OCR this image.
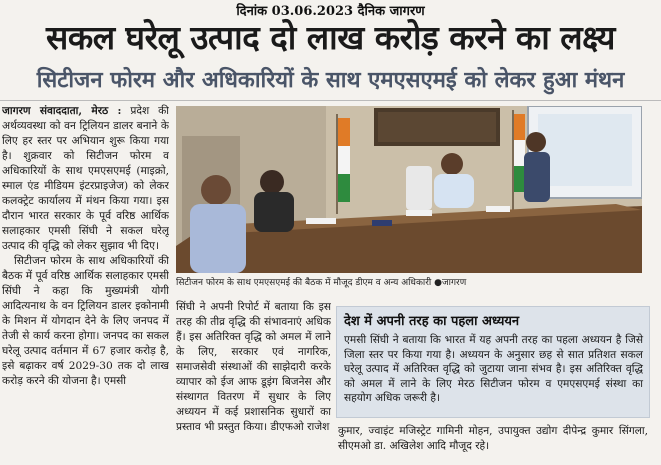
दिनांक 03.06.2023 दैनिक जागरण
सकल घरेलू उत्पाद दो लाख करोड़ करने का लक्ष्य
सिटीजन फोरम और अधिकारियों के साथ एमएसएमई को लेकर हुआ मंथन

जागरण संवाददाता, मेरठ : प्रदेश की अर्थव्यवस्था को वन ट्रिलियन डालर बनाने के लिए हर स्तर पर अभियान शुरू किया गया है। शुक्रवार को सिटीजन फोरम व अधिकारियों के साथ एमएसएमई (माइक्रो, स्माल एंड मीडियम इंटरप्राइजेज) को लेकर कलक्ट्रेट कार्यालय में मंथन किया गया। इस दौरान भारत सरकार के पूर्व वरिष्ठ आर्थिक सलाहकार एमसी सिंघी ने सकल घरेलू उत्पाद की वृद्धि को लेकर सुझाव भी दिए।

सिटीजन फोरम के साथ अधिकारियों की बैठक में पूर्व वरिष्ठ आर्थिक सलाहकार एमसी सिंघी ने कहा कि मुख्यमंत्री योगी आदित्यनाथ के वन ट्रिलियन डालर इकोनामी के मिशन में योगदान देने के लिए जनपद में तेजी से कार्य करना होगा। जनपद का सकल घरेलू उत्पाद वर्तमान में 67 हजार करोड़ है, इसे बढ़ाकर वर्ष 2029-30 तक दो लाख करोड़ करने की योजना है। एमसी

सिटीजन फोरम के साथ एमएसएमई की बैठक में मौजूद डीएम व अन्य अधिकारी ●जागरण

सिंघी ने अपनी रिपोर्ट में बताया कि इस तरह की तीव्र वृद्धि की संभावनाएं अधिक हैं। इस अतिरिक्त वृद्धि को अमल में लाने के लिए, सरकार एवं नागरिक, समाजसेवी संस्थाओं की साझेदारी करके व्यापार को ईज आफ डूइंग बिजनेस और संस्थागत वितरण में सुधार के लिए अध्ययन में कई प्रशासनिक सुधारों का प्रस्ताव भी प्रस्तुत किया। डीएफओ राजेश

देश में अपनी तरह का पहला अध्ययन
एमसी सिंघी ने बताया कि भारत में यह अपनी तरह का पहला अध्ययन है जिसे जिला स्तर पर किया गया है। अध्ययन के अनुसार छह से सात प्रतिशत सकल घरेलू उत्पाद में अतिरिक्त वृद्धि को जुटाया जाना संभव है। इस अतिरिक्त वृद्धि को अमल में लाने के लिए मेरठ सिटीजन फोरम व एमएसएमई संस्था का सहयोग अधिक जरूरी है।

कुमार, ज्वाइंट मजिस्ट्रेट गामिनी मोहन, उपायुक्त उद्योग दीपेन्द्र कुमार सिंगला, सीएमओ डा. अखिलेश आदि मौजूद रहे।
